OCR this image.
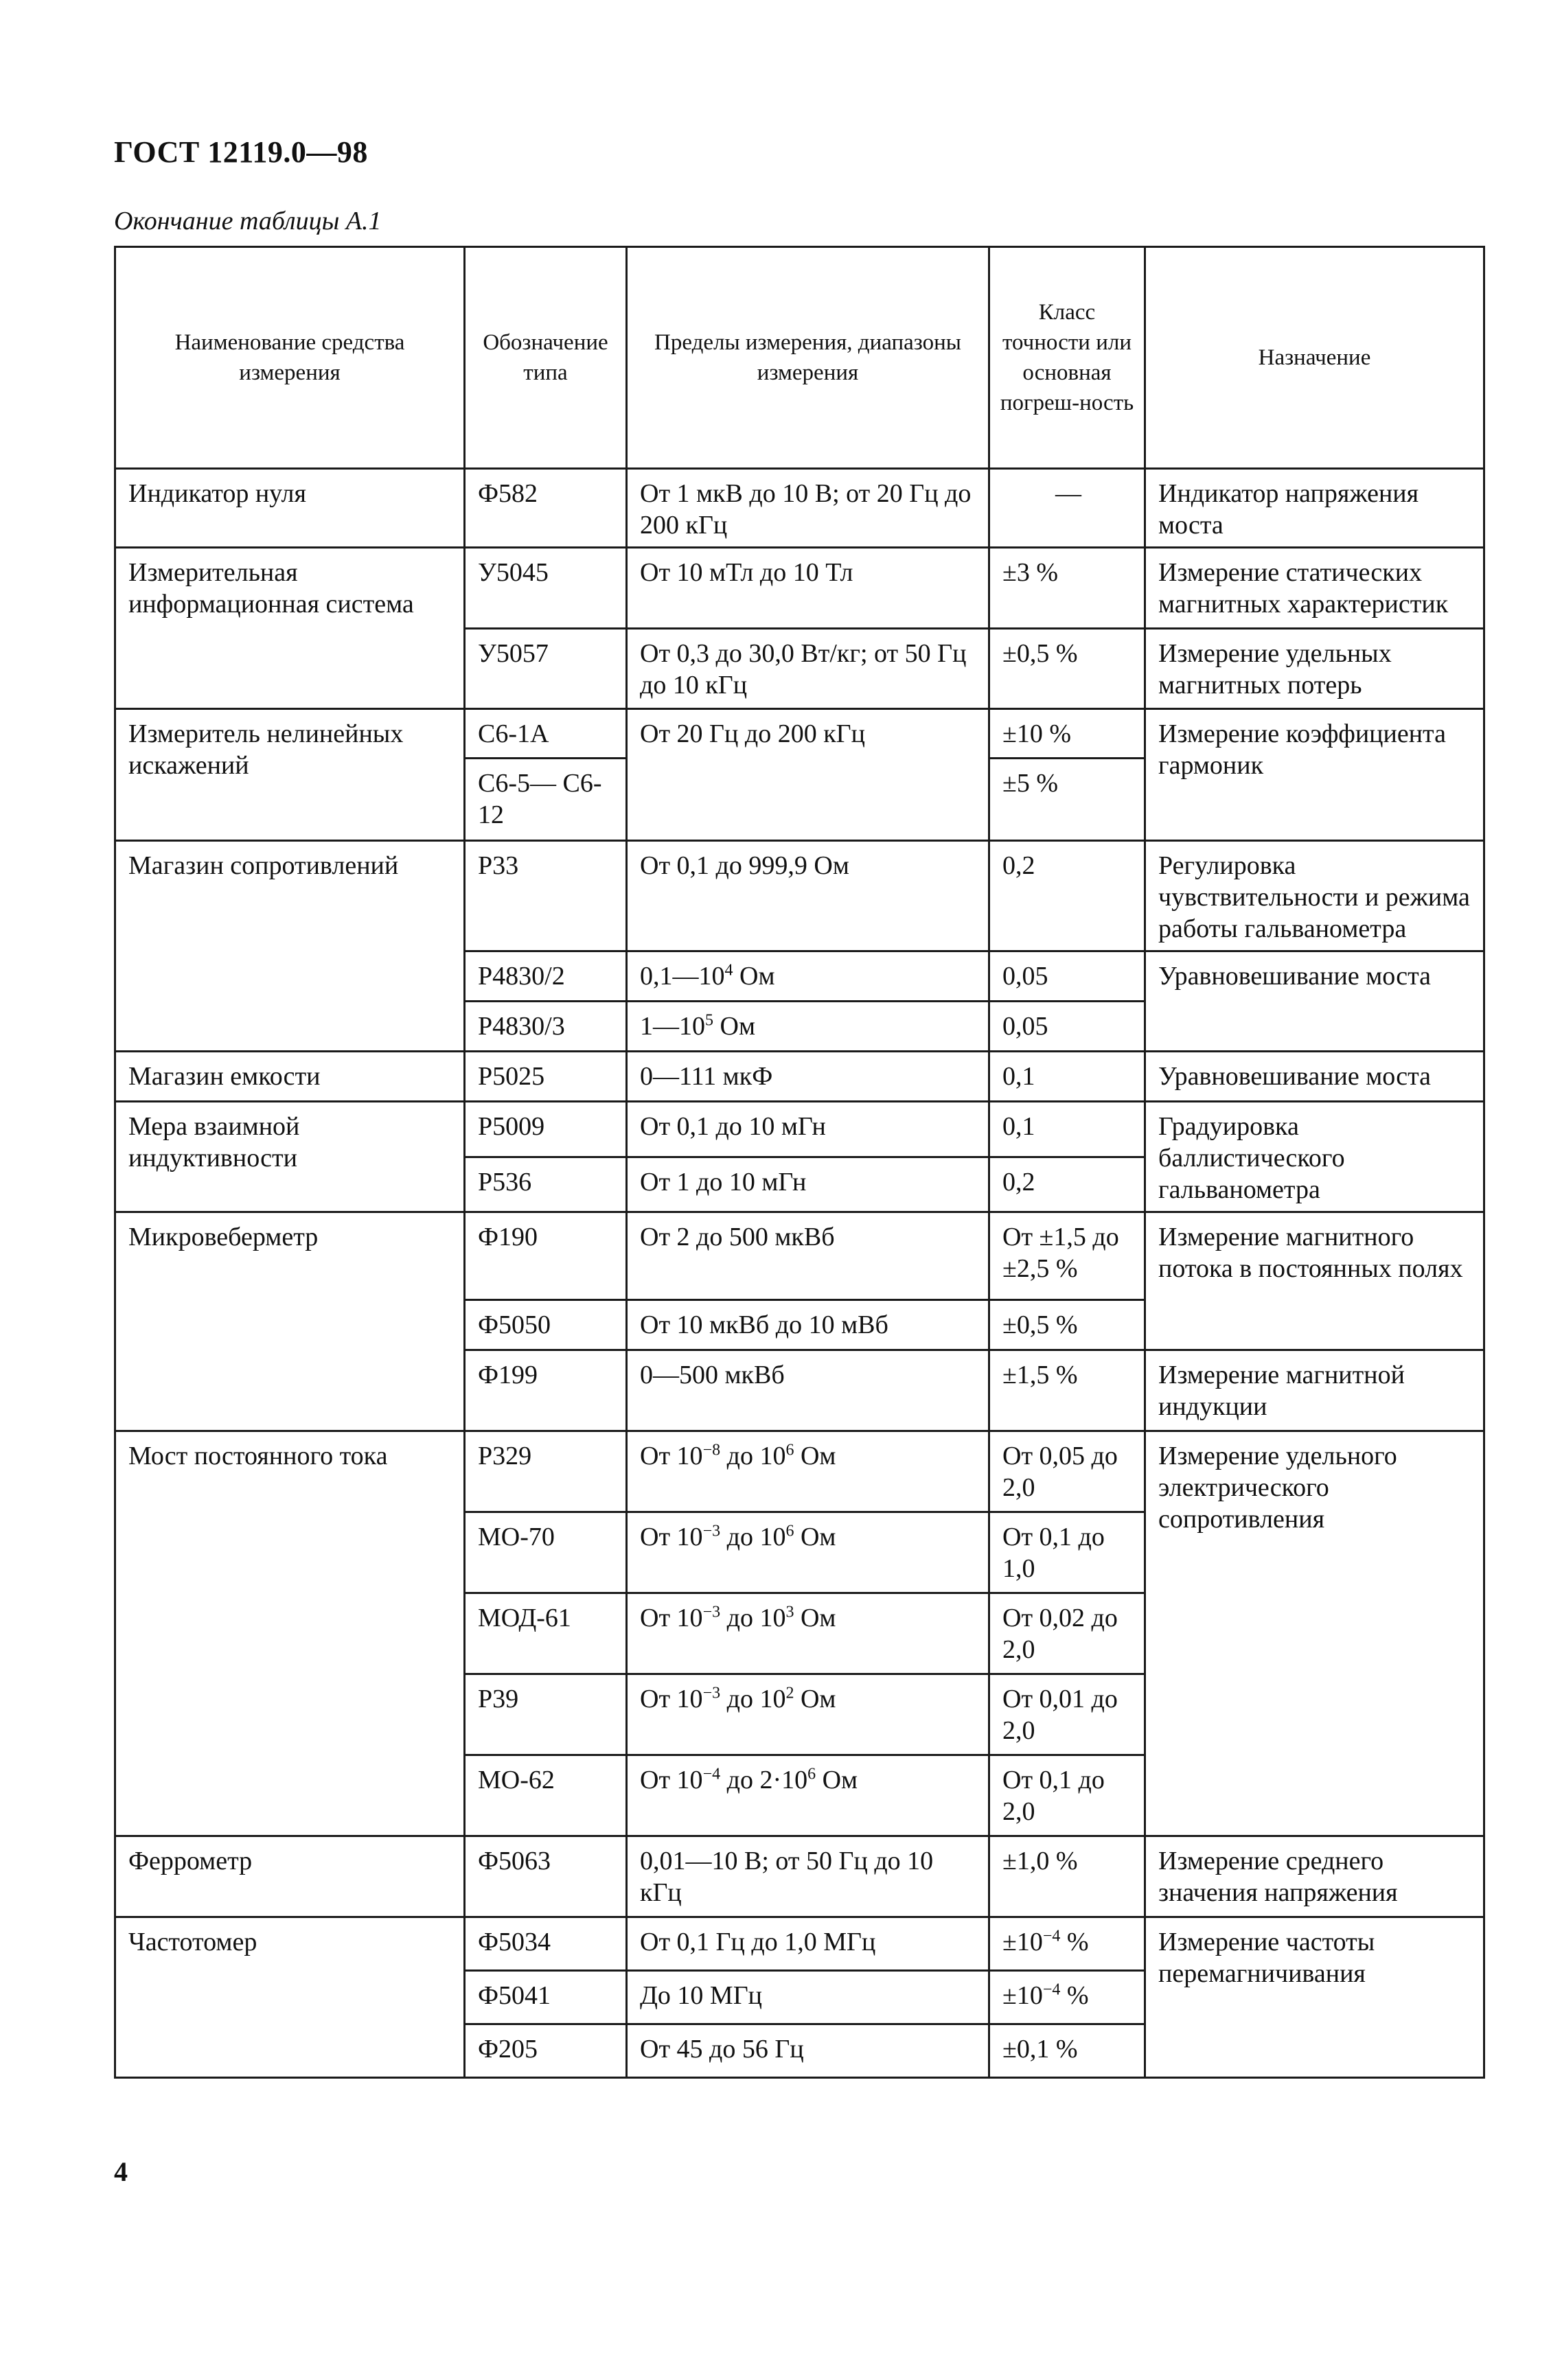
ГОСТ 12119.0—98
Окончание таблицы А.1
Наименование средства измерения	Обозначение типа	Пределы измерения, диапазоны измерения	Класс точности или основная погреш-ность	Назначение
Индикатор нуля	Ф582	От 1 мкВ до 10 В; от 20 Гц до 200 кГц	—	Индикатор напряжения моста
Измерительная информационная система	У5045	От 10 мТл до 10 Тл	±3 %	Измерение статических магнитных характеристик
	У5057	От 0,3 до 30,0 Вт/кг; от 50 Гц до 10 кГц	±0,5 %	Измерение удельных магнитных потерь
Измеритель нелинейных искажений	С6-1А	От 20 Гц до 200 кГц	±10 %	Измерение коэффициента гармоник
	С6-5— С6-12		±5 %	
Магазин сопротивлений	Р33	От 0,1 до 999,9 Ом	0,2	Регулировка чувствительности и режима работы гальванометра
	Р4830/2	$0,1—10^4$ Ом	0,05	Уравновешивание моста
	Р4830/3	$1—10^5$ Ом	0,05	
Магазин емкости	Р5025	0—111 мкФ	0,1	Уравновешивание моста
Мера взаимной индуктивности	Р5009	От 0,1 до 10 мГн	0,1	Градуировка баллистического гальванометра
	Р536	От 1 до 10 мГн	0,2	
Микровеберметр	Ф190	От 2 до 500 мкВб	От ±1,5 до ±2,5 %	Измерение магнитного потока в постоянных полях
	Ф5050	От 10 мкВб до 10 мВб	±0,5 %	
	Ф199	0—500 мкВб	±1,5 %	Измерение магнитной индукции
Мост постоянного тока	Р329	От $10^{-8}$ до $10^6$ Ом	От 0,05 до 2,0	Измерение удельного электрического сопротивления
	МО-70	От $10^{-3}$ до $10^6$ Ом	От 0,1 до 1,0	
	МОД-61	От $10^{-3}$ до $10^3$ Ом	От 0,02 до 2,0	
	Р39	От $10^{-3}$ до $10^2$ Ом	От 0,01 до 2,0	
	МО-62	От $10^{-4}$ до $2\cdot 10^6$ Ом	От 0,1 до 2,0	
Феррометр	Ф5063	0,01—10 В; от 50 Гц до 10 кГц	±1,0 %	Измерение среднего значения напряжения
Частотомер	Ф5034	От 0,1 Гц до 1,0 МГц	$\pm 10^{-4}$ %	Измерение частоты перемагничивания
	Ф5041	До 10 МГц	$\pm 10^{-4}$ %	
	Ф205	От 45 до 56 Гц	±0,1 %	
4
